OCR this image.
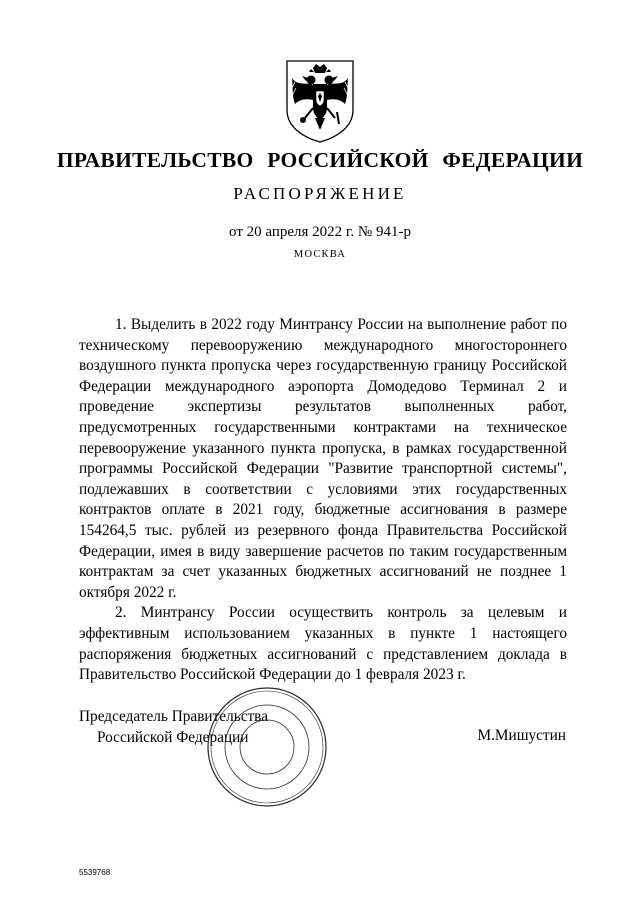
ПРАВИТЕЛЬСТВО РОССИЙСКОЙ ФЕДЕРАЦИИ
РАСПОРЯЖЕНИЕ
от 20 апреля 2022 г. № 941-р
МОСКВА

1. Выделить в 2022 году Минтрансу России на выполнение работ по техническому перевооружению международного многостороннего воздушного пункта пропуска через государственную границу Российской Федерации международного аэропорта Домодедово Терминал 2 и проведение экспертизы результатов выполненных работ, предусмотренных государственными контрактами на техническое перевооружение указанного пункта пропуска, в рамках государственной программы Российской Федерации "Развитие транспортной системы", подлежавших в соответствии с условиями этих государственных контрактов оплате в 2021 году, бюджетные ассигнования в размере 154264,5 тыс. рублей из резервного фонда Правительства Российской Федерации, имея в виду завершение расчетов по таким государственным контрактам за счет указанных бюджетных ассигнований не позднее 1 октября 2022 г.

2. Минтрансу России осуществить контроль за целевым и эффективным использованием указанных в пункте 1 настоящего распоряжения бюджетных ассигнований с представлением доклада в Правительство Российской Федерации до 1 февраля 2023 г.

Председатель Правительства
Российской Федерации	М.Мишустин
5539768
